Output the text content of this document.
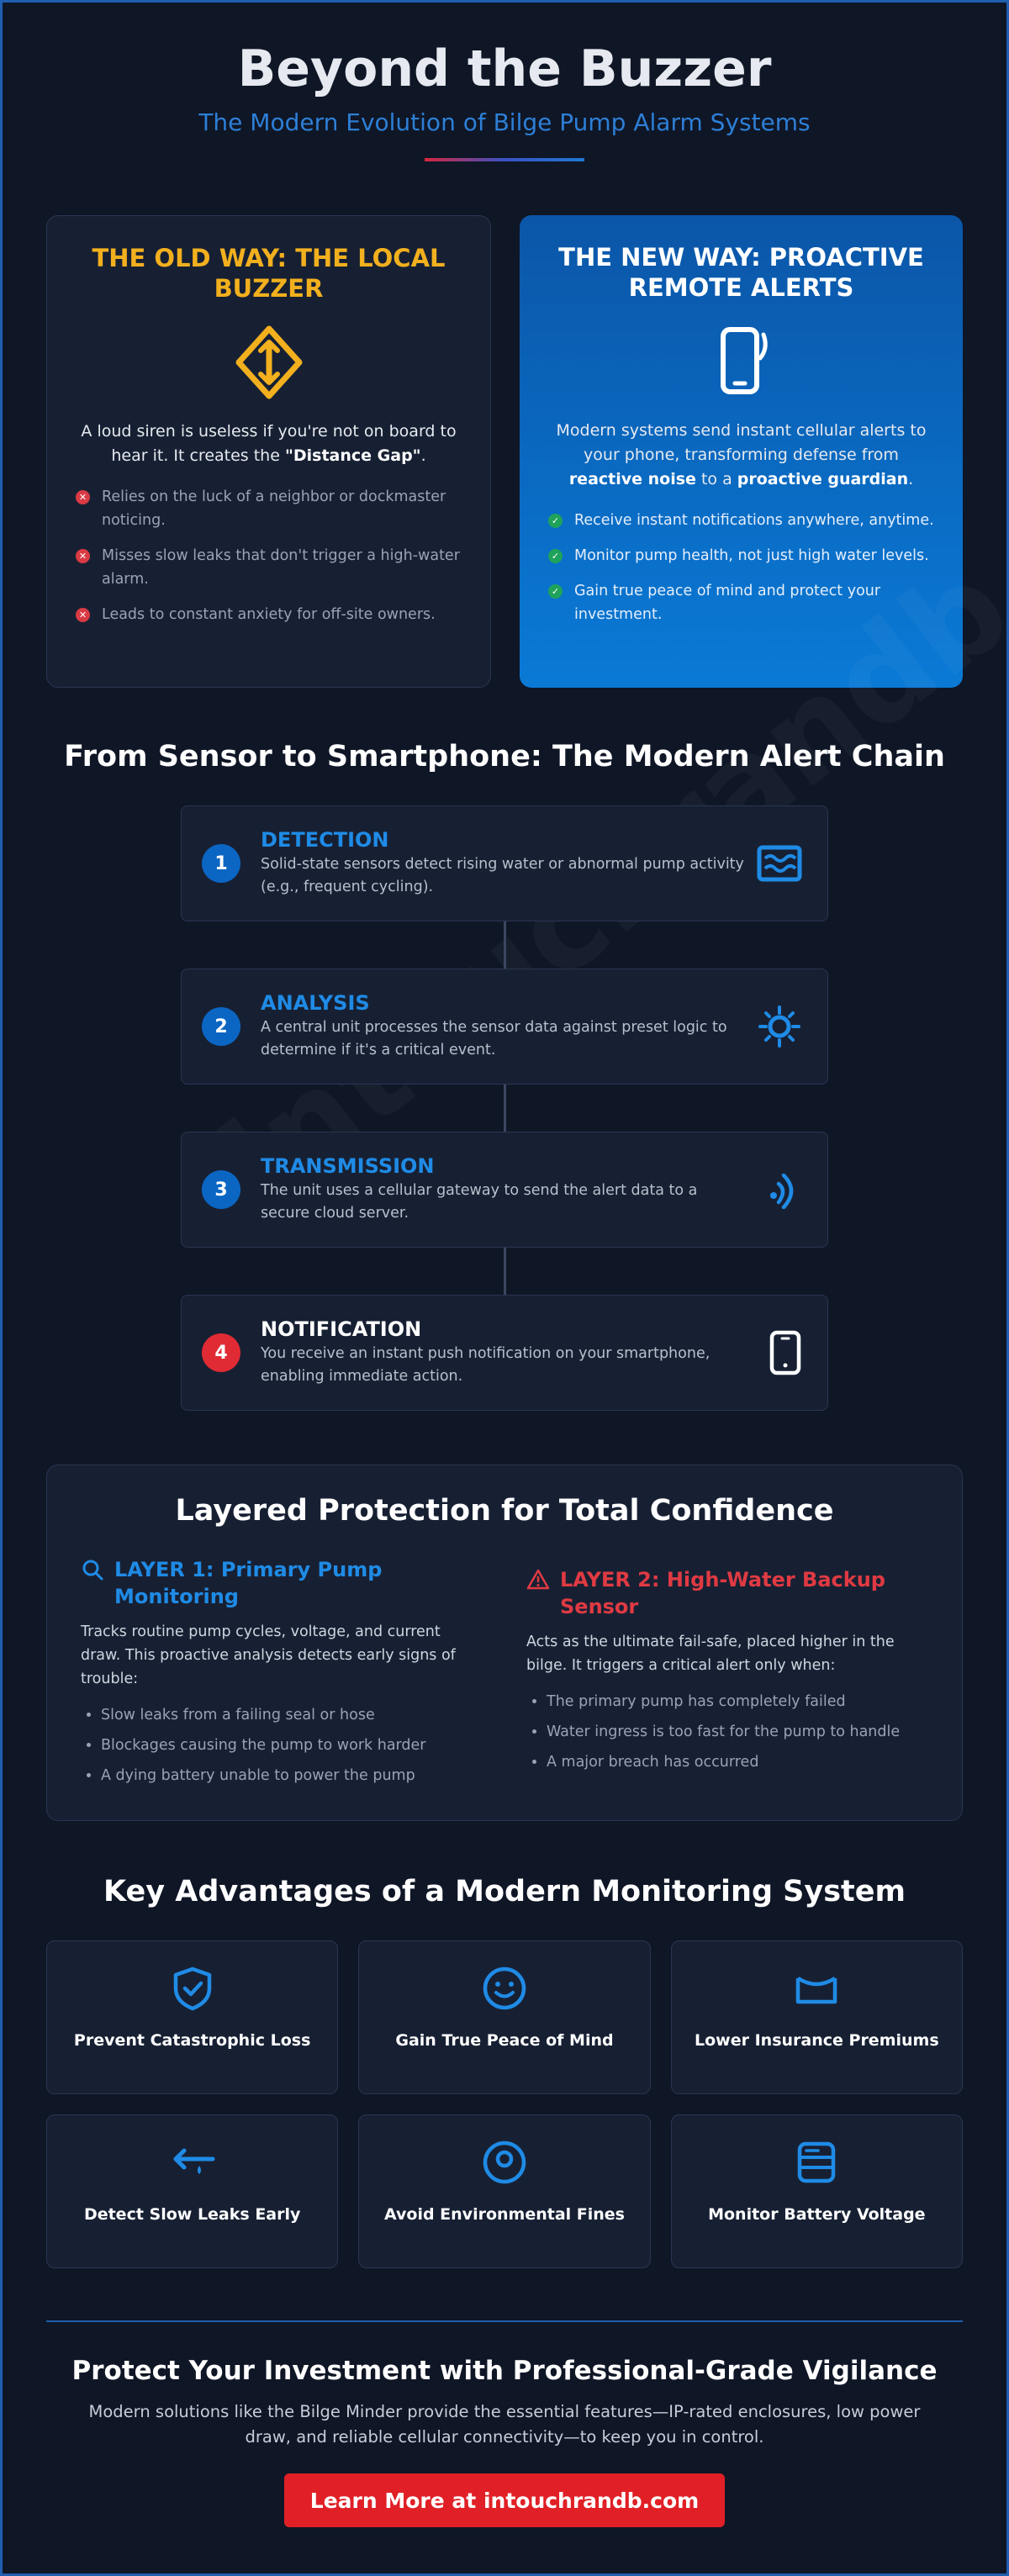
Beyond the Buzzer
The Modern Evolution of Bilge Pump Alarm Systems
THE OLD WAY: THE LOCAL BUZZER

A loud siren is useless if you're not on board to hear it. It creates the "Distance Gap".

✕ Relies on the luck of a neighbor or dockmaster noticing.
✕ Misses slow leaks that don't trigger a high-water alarm.
✕ Leads to constant anxiety for off-site owners.
THE NEW WAY: PROACTIVE REMOTE ALERTS

Modern systems send instant cellular alerts to your phone, transforming defense from reactive noise to a proactive guardian.

✓ Receive instant notifications anywhere, anytime.
✓ Monitor pump health, not just high water levels.
✓ Gain true peace of mind and protect your investment.
From Sensor to Smartphone: The Modern Alert Chain
1
DETECTION
Solid-state sensors detect rising water or abnormal pump activity (e.g., frequent cycling).
2
ANALYSIS
A central unit processes the sensor data against preset logic to determine if it's a critical event.
3
TRANSMISSION
The unit uses a cellular gateway to send the alert data to a secure cloud server.
4
NOTIFICATION
You receive an instant push notification on your smartphone, enabling immediate action.
Layered Protection for Total Confidence
LAYER 1: Primary Pump Monitoring

Tracks routine pump cycles, voltage, and current draw. This proactive analysis detects early signs of trouble:

• Slow leaks from a failing seal or hose
• Blockages causing the pump to work harder
• A dying battery unable to power the pump
LAYER 2: High-Water Backup Sensor

Acts as the ultimate fail-safe, placed higher in the bilge. It triggers a critical alert only when:

• The primary pump has completely failed
• Water ingress is too fast for the pump to handle
• A major breach has occurred
Key Advantages of a Modern Monitoring System
Prevent Catastrophic Loss	Gain True Peace of Mind	Lower Insurance Premiums
Detect Slow Leaks Early	Avoid Environmental Fines	Monitor Battery Voltage
Protect Your Investment with Professional-Grade Vigilance

Modern solutions like the Bilge Minder provide the essential features—IP-rated enclosures, low power draw, and reliable cellular connectivity—to keep you in control.

Learn More at intouchrandb.com
